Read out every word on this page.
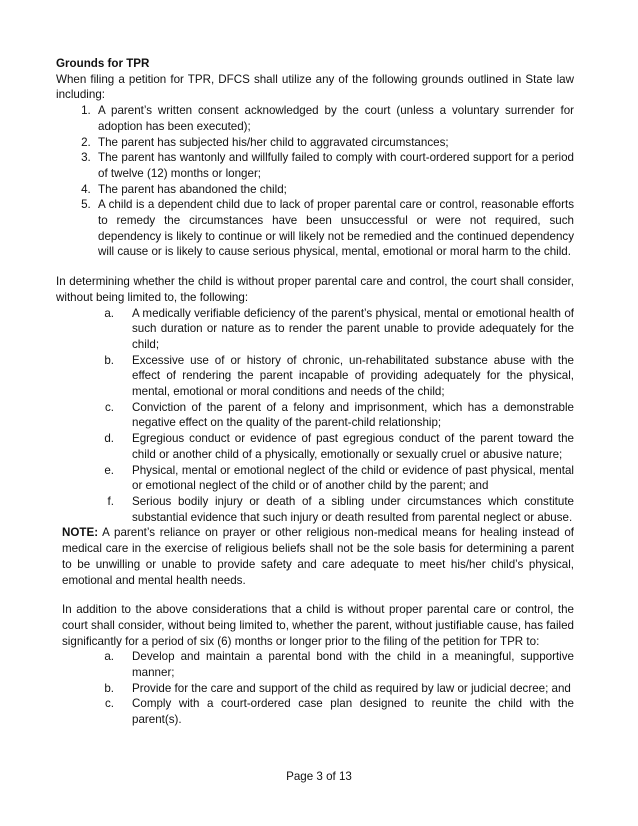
Grounds for TPR
When filing a petition for TPR, DFCS shall utilize any of the following grounds outlined in State law including:
1. A parent’s written consent acknowledged by the court (unless a voluntary surrender for adoption has been executed);
2. The parent has subjected his/her child to aggravated circumstances;
3. The parent has wantonly and willfully failed to comply with court-ordered support for a period of twelve (12) months or longer;
4. The parent has abandoned the child;
5. A child is a dependent child due to lack of proper parental care or control, reasonable efforts to remedy the circumstances have been unsuccessful or were not required, such dependency is likely to continue or will likely not be remedied and the continued dependency will cause or is likely to cause serious physical, mental, emotional or moral harm to the child.
In determining whether the child is without proper parental care and control, the court shall consider, without being limited to, the following:
a.	A medically verifiable deficiency of the parent’s physical, mental or emotional health of such duration or nature as to render the parent unable to provide adequately for the child;
b.	Excessive use of or history of chronic, un-rehabilitated substance abuse with the effect of rendering the parent incapable of providing adequately for the physical, mental, emotional or moral conditions and needs of the child;
c.	Conviction of the parent of a felony and imprisonment, which has a demonstrable negative effect on the quality of the parent-child relationship;
d.	Egregious conduct or evidence of past egregious conduct of the parent toward the child or another child of a physically, emotionally or sexually cruel or abusive nature;
e.	Physical, mental or emotional neglect of the child or evidence of past physical, mental or emotional neglect of the child or of another child by the parent; and
f.	Serious bodily injury or death of a sibling under circumstances which constitute substantial evidence that such injury or death resulted from parental neglect or abuse.
NOTE: A parent’s reliance on prayer or other religious non-medical means for healing instead of medical care in the exercise of religious beliefs shall not be the sole basis for determining a parent to be unwilling or unable to provide safety and care adequate to meet his/her child’s physical, emotional and mental health needs.
In addition to the above considerations that a child is without proper parental care or control, the court shall consider, without being limited to, whether the parent, without justifiable cause, has failed significantly for a period of six (6) months or longer prior to the filing of the petition for TPR to:
a.	Develop and maintain a parental bond with the child in a meaningful, supportive manner;
b.	Provide for the care and support of the child as required by law or judicial decree; and
c.	Comply with a court-ordered case plan designed to reunite the child with the parent(s).
Page 3 of 13
